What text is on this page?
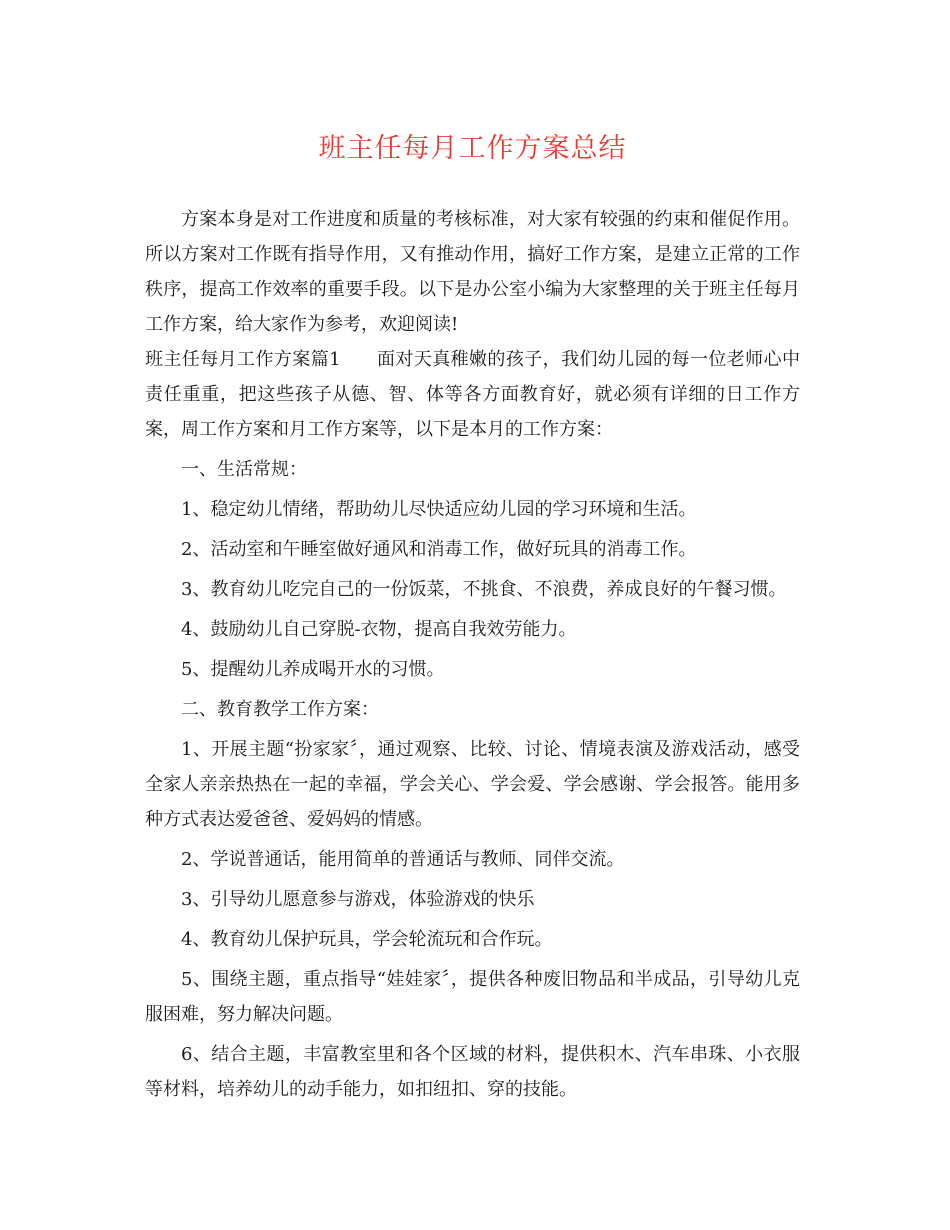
班主任每月工作方案总结

方案本身是对工作进度和质量的考核标准，对大家有较强的约束和催促作用。所以方案对工作既有指导作用，又有推动作用，搞好工作方案，是建立正常的工作秩序，提高工作效率的重要手段。以下是办公室小编为大家整理的关于班主任每月工作方案，给大家作为参考，欢迎阅读!

班主任每月工作方案篇1 面对天真稚嫩的孩子，我们幼儿园的每一位老师心中责任重重，把这些孩子从德、智、体等各方面教育好，就必须有详细的日工作方案，周工作方案和月工作方案等，以下是本月的工作方案：

一、生活常规：

1、稳定幼儿情绪，帮助幼儿尽快适应幼儿园的学习环境和生活。

2、活动室和午睡室做好通风和消毒工作，做好玩具的消毒工作。

3、教育幼儿吃完自己的一份饭菜，不挑食、不浪费，养成良好的午餐习惯。

4、鼓励幼儿自己穿脱-衣物，提高自我效劳能力。

5、提醒幼儿养成喝开水的习惯。

二、教育教学工作方案：

1、开展主题“扮家家〞，通过观察、比较、讨论、情境表演及游戏活动，感受全家人亲亲热热在一起的幸福，学会关心、学会爱、学会感谢、学会报答。能用多种方式表达爱爸爸、爱妈妈的情感。

2、学说普通话，能用简单的普通话与教师、同伴交流。

3、引导幼儿愿意参与游戏，体验游戏的快乐

4、教育幼儿保护玩具，学会轮流玩和合作玩。

5、围绕主题，重点指导“娃娃家〞，提供各种废旧物品和半成品，引导幼儿克服困难，努力解决问题。

6、结合主题，丰富教室里和各个区域的材料，提供积木、汽车串珠、小衣服等材料，培养幼儿的动手能力，如扣纽扣、穿的技能。
